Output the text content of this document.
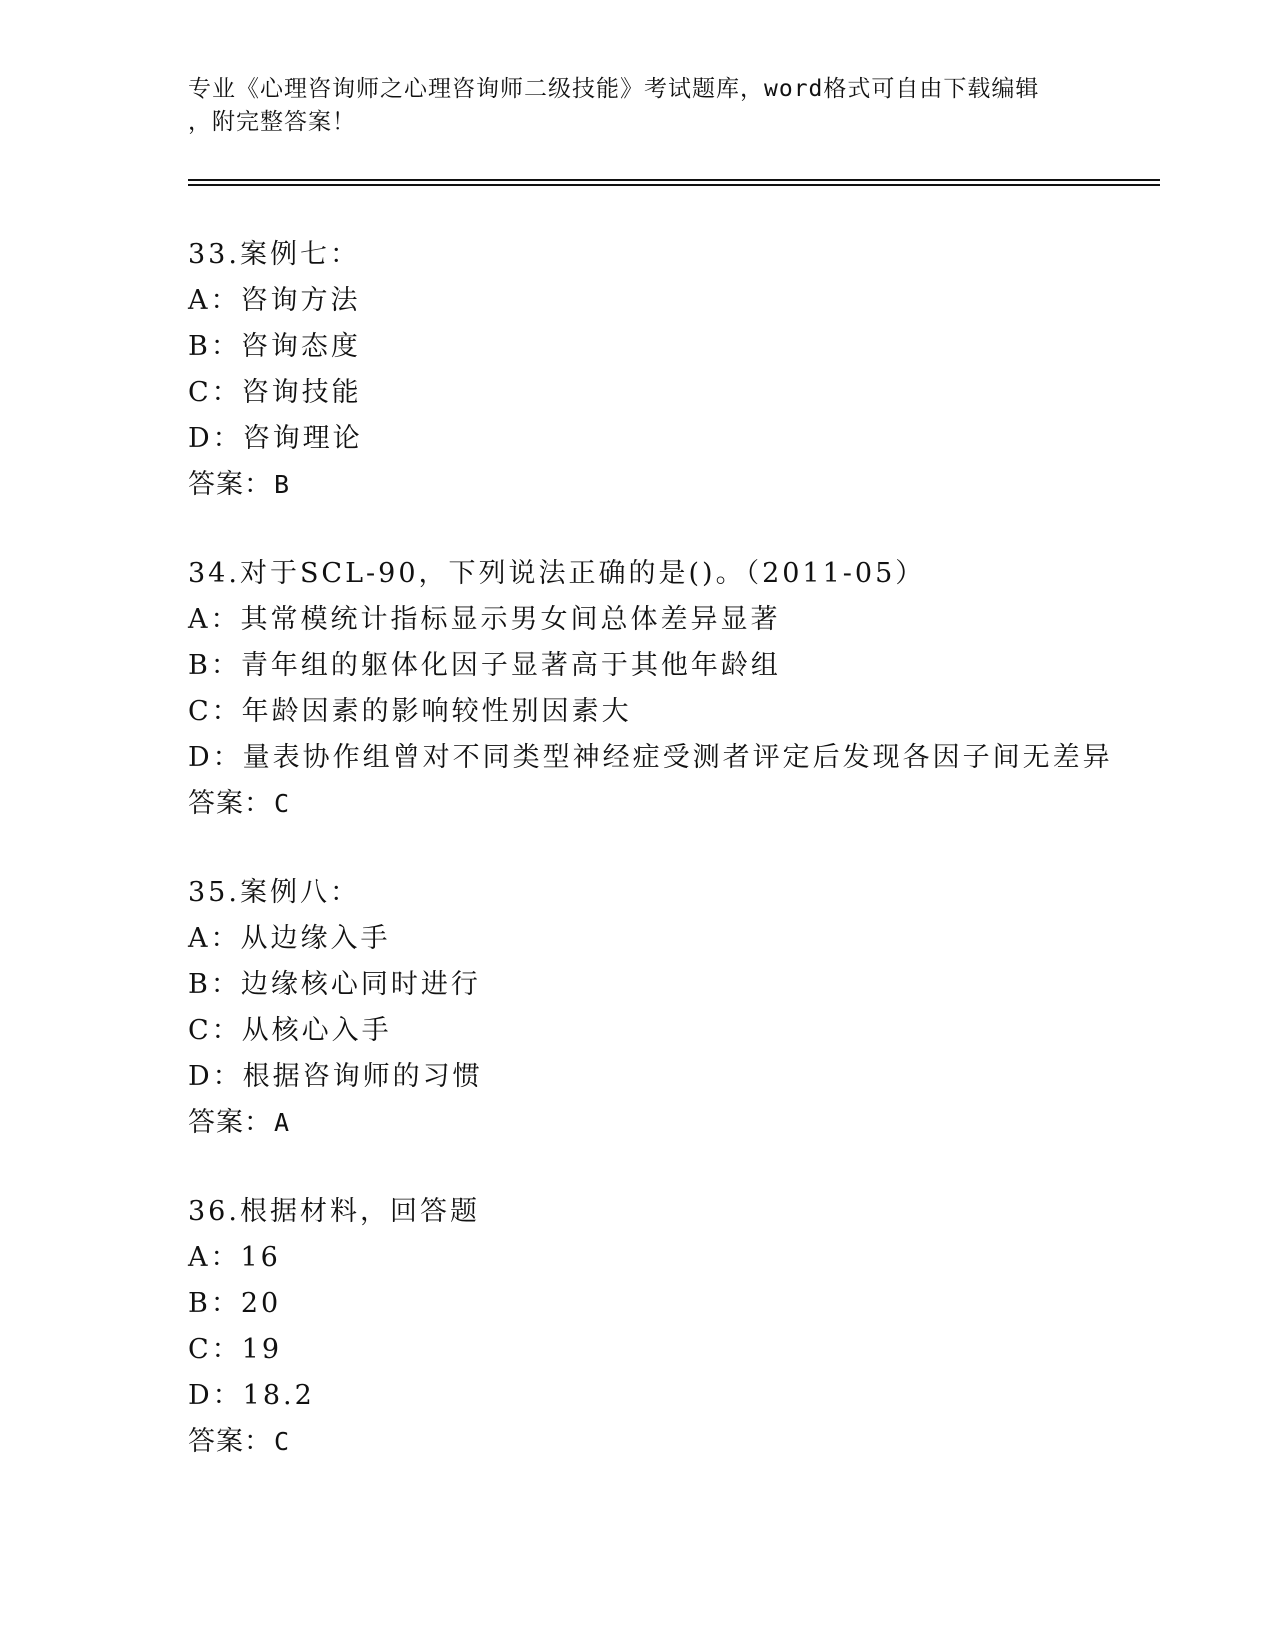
专业《心理咨询师之心理咨询师二级技能》考试题库，word格式可自由下载编辑
，附完整答案！
33.案例七：
A：咨询方法
B：咨询态度
C：咨询技能
D：咨询理论
答案：B
34.对于SCL-90，下列说法正确的是()。（2011-05）
A：其常模统计指标显示男女间总体差异显著
B：青年组的躯体化因子显著高于其他年龄组
C：年龄因素的影响较性别因素大
D：量表协作组曾对不同类型神经症受测者评定后发现各因子间无差异
答案：C
35.案例八：
A：从边缘入手
B：边缘核心同时进行
C：从核心入手
D：根据咨询师的习惯
答案：A
36.根据材料，回答题
A：16
B：20
C：19
D：18.2
答案：C
